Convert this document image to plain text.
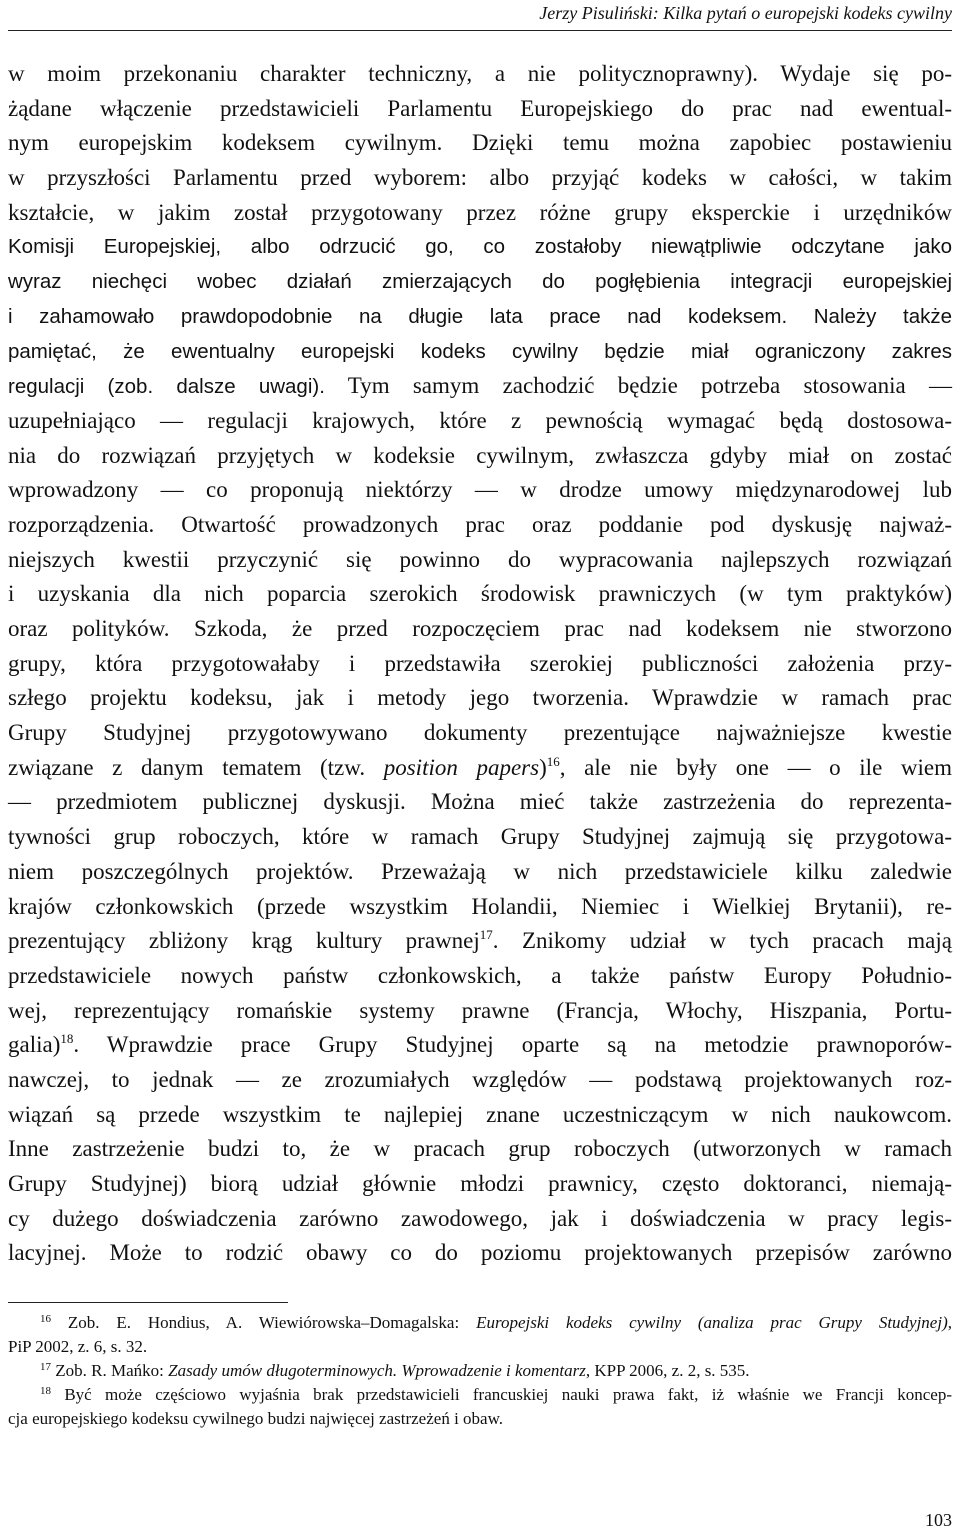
Jerzy Pisuliński: Kilka pytań o europejski kodeks cywilny
w moim przekonaniu charakter techniczny, a nie politycznoprawny). Wydaje się po-
żądane włączenie przedstawicieli Parlamentu Europejskiego do prac nad ewentual-
nym europejskim kodeksem cywilnym. Dzięki temu można zapobiec postawieniu
w przyszłości Parlamentu przed wyborem: albo przyjąć kodeks w całości, w takim
kształcie, w jakim został przygotowany przez różne grupy eksperckie i urzędników
Komisji Europejskiej, albo odrzucić go, co zostałoby niewątpliwie odczytane jako
wyraz niechęci wobec działań zmierzających do pogłębienia integracji europejskiej
i zahamowało prawdopodobnie na długie lata prace nad kodeksem. Należy także
pamiętać, że ewentualny europejski kodeks cywilny będzie miał ograniczony zakres
regulacji (zob. dalsze uwagi). Tym samym zachodzić będzie potrzeba stosowania —
uzupełniająco — regulacji krajowych, które z pewnością wymagać będą dostosowa-
nia do rozwiązań przyjętych w kodeksie cywilnym, zwłaszcza gdyby miał on zostać
wprowadzony — co proponują niektórzy — w drodze umowy międzynarodowej lub
rozporządzenia. Otwartość prowadzonych prac oraz poddanie pod dyskusję najważ-
niejszych kwestii przyczynić się powinno do wypracowania najlepszych rozwiązań
i uzyskania dla nich poparcia szerokich środowisk prawniczych (w tym praktyków)
oraz polityków. Szkoda, że przed rozpoczęciem prac nad kodeksem nie stworzono
grupy, która przygotowałaby i przedstawiła szerokiej publiczności założenia przy-
szłego projektu kodeksu, jak i metody jego tworzenia. Wprawdzie w ramach prac
Grupy Studyjnej przygotowywano dokumenty prezentujące najważniejsze kwestie
związane z danym tematem (tzw. position papers)$^{16}$, ale nie były one — o ile wiem
— przedmiotem publicznej dyskusji. Można mieć także zastrzeżenia do reprezenta-
tywności grup roboczych, które w ramach Grupy Studyjnej zajmują się przygotowa-
niem poszczególnych projektów. Przeważają w nich przedstawiciele kilku zaledwie
krajów członkowskich (przede wszystkim Holandii, Niemiec i Wielkiej Brytanii), re-
prezentujący zbliżony krąg kultury prawnej$^{17}$. Znikomy udział w tych pracach mają
przedstawiciele nowych państw członkowskich, a także państw Europy Południo-
wej, reprezentujący romańskie systemy prawne (Francja, Włochy, Hiszpania, Portu-
galia)$^{18}$. Wprawdzie prace Grupy Studyjnej oparte są na metodzie prawnoporów-
nawczej, to jednak — ze zrozumiałych względów — podstawą projektowanych roz-
wiązań są przede wszystkim te najlepiej znane uczestniczącym w nich naukowcom.
Inne zastrzeżenie budzi to, że w pracach grup roboczych (utworzonych w ramach
Grupy Studyjnej) biorą udział głównie młodzi prawnicy, często doktoranci, niemają-
cy dużego doświadczenia zarówno zawodowego, jak i doświadczenia w pracy legis-
lacyjnej. Może to rodzić obawy co do poziomu projektowanych przepisów zarówno
$^{16}$ Zob. E. Hondius, A. Wiewiórowska–Domagalska: Europejski kodeks cywilny (analiza prac Grupy Studyjnej),
PiP 2002, z. 6, s. 32.
$^{17}$ Zob. R. Mańko: Zasady umów długoterminowych. Wprowadzenie i komentarz, KPP 2006, z. 2, s. 535.
$^{18}$ Być może częściowo wyjaśnia brak przedstawicieli francuskiej nauki prawa fakt, iż właśnie we Francji koncep-
cja europejskiego kodeksu cywilnego budzi najwięcej zastrzeżeń i obaw.
103
